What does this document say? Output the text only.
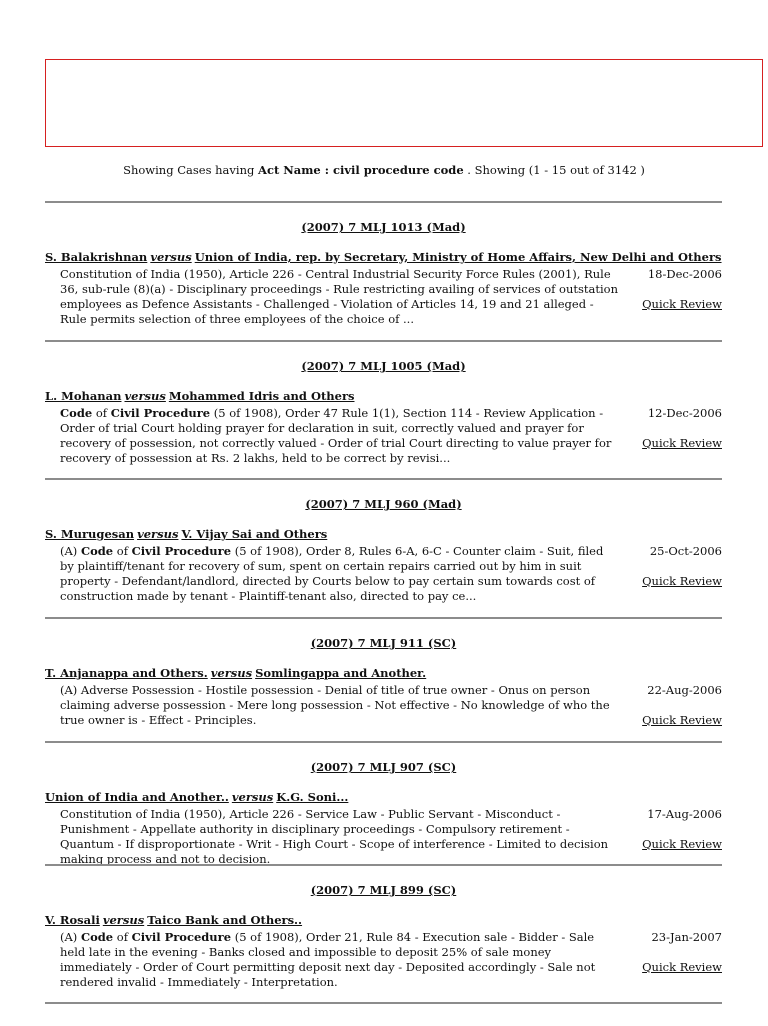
Showing Cases having Act Name : civil procedure code . Showing (1 - 15 out of 3142 )
(2007) 7 MLJ 1013 (Mad)
S. Balakrishnan versus Union of India, rep. by Secretary, Ministry of Home Affairs, New Delhi and Others
Constitution of India (1950), Article 226 - Central Industrial Security Force Rules (2001), Rule 36, sub-rule (8)(a) - Disciplinary proceedings - Rule restricting availing of services of outstation employees as Defence Assistants - Challenged - Violation of Articles 14, 19 and 21 alleged - Rule permits selection of three employees of the choice of ...
18-Dec-2006
Quick Review
(2007) 7 MLJ 1005 (Mad)
L. Mohanan versus Mohammed Idris and Others
Code of Civil Procedure (5 of 1908), Order 47 Rule 1(1), Section 114 - Review Application - Order of trial Court holding prayer for declaration in suit, correctly valued and prayer for recovery of possession, not correctly valued - Order of trial Court directing to value prayer for recovery of possession at Rs. 2 lakhs, held to be correct by revisi...
12-Dec-2006
Quick Review
(2007) 7 MLJ 960 (Mad)
S. Murugesan versus V. Vijay Sai and Others
(A) Code of Civil Procedure (5 of 1908), Order 8, Rules 6-A, 6-C - Counter claim - Suit, filed by plaintiff/tenant for recovery of sum, spent on certain repairs carried out by him in suit property - Defendant/landlord, directed by Courts below to pay certain sum towards cost of construction made by tenant - Plaintiff-tenant also, directed to pay ce...
25-Oct-2006
Quick Review
(2007) 7 MLJ 911 (SC)
T. Anjanappa and Others. versus Somlingappa and Another.
(A) Adverse Possession - Hostile possession - Denial of title of true owner - Onus on person claiming adverse possession - Mere long possession - Not effective - No knowledge of who the true owner is - Effect - Principles.
22-Aug-2006
Quick Review
(2007) 7 MLJ 907 (SC)
Union of India and Another.. versus K.G. Soni...
Constitution of India (1950), Article 226 - Service Law - Public Servant - Misconduct - Punishment - Appellate authority in disciplinary proceedings - Compulsory retirement - Quantum - If disproportionate - Writ - High Court - Scope of interference - Limited to decision making process and not to decision.
17-Aug-2006
Quick Review
(2007) 7 MLJ 899 (SC)
V. Rosali versus Taico Bank and Others..
(A) Code of Civil Procedure (5 of 1908), Order 21, Rule 84 - Execution sale - Bidder - Sale held late in the evening - Banks closed and impossible to deposit 25% of sale money immediately - Order of Court permitting deposit next day - Deposited accordingly - Sale not rendered invalid - Immediately - Interpretation.
23-Jan-2007
Quick Review
